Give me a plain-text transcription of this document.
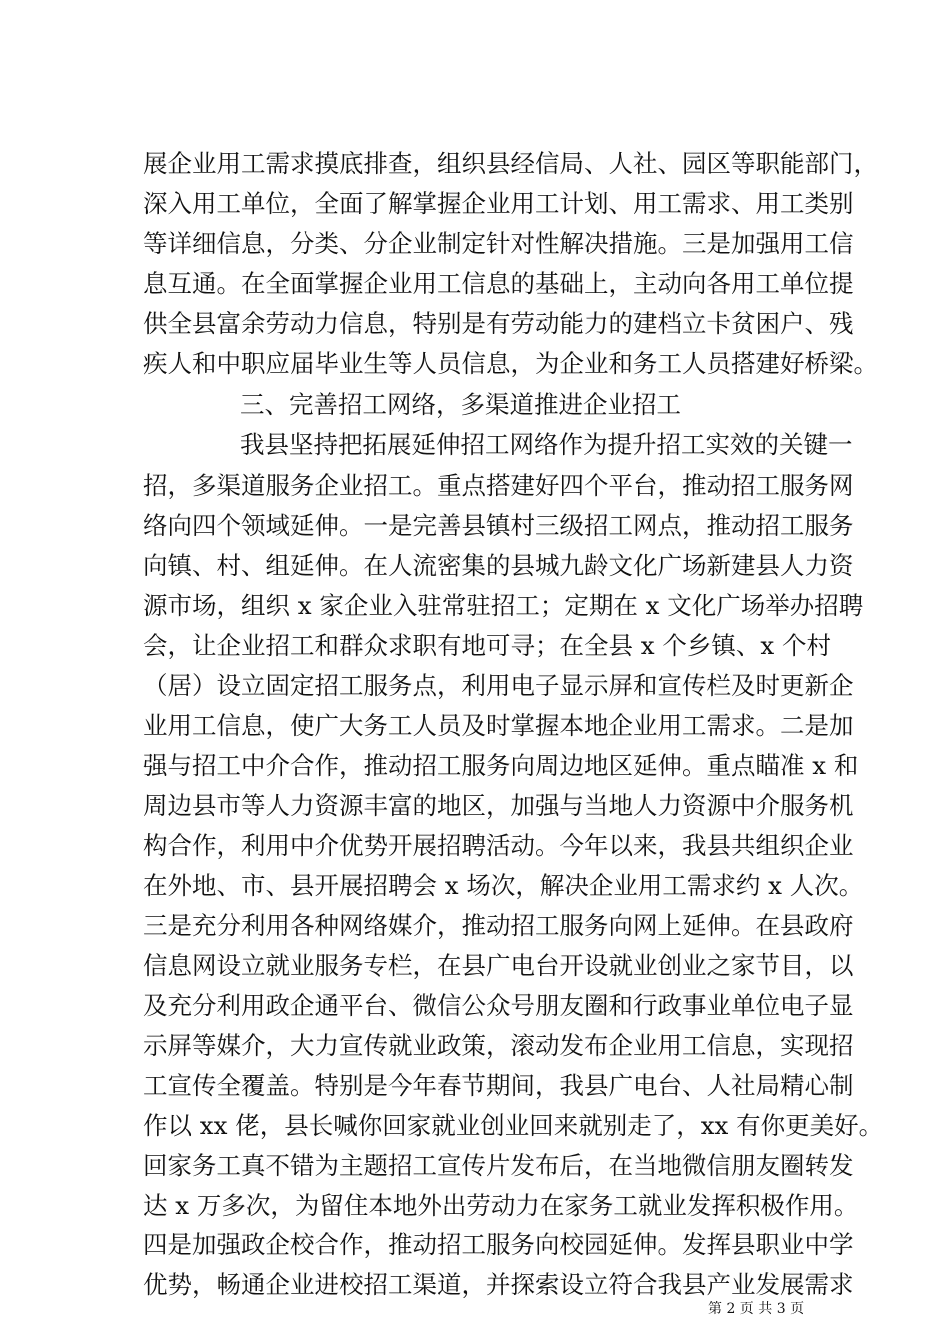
展企业用工需求摸底排查，组织县经信局、人社、园区等职能部门，
深入用工单位，全面了解掌握企业用工计划、用工需求、用工类别
等详细信息，分类、分企业制定针对性解决措施。三是加强用工信
息互通。在全面掌握企业用工信息的基础上，主动向各用工单位提
供全县富余劳动力信息，特别是有劳动能力的建档立卡贫困户、残
疾人和中职应届毕业生等人员信息，为企业和务工人员搭建好桥梁。
三、完善招工网络，多渠道推进企业招工
我县坚持把拓展延伸招工网络作为提升招工实效的关键一
招，多渠道服务企业招工。重点搭建好四个平台，推动招工服务网
络向四个领域延伸。一是完善县镇村三级招工网点，推动招工服务
向镇、村、组延伸。在人流密集的县城九龄文化广场新建县人力资
源市场，组织 x 家企业入驻常驻招工；定期在 x 文化广场举办招聘
会，让企业招工和群众求职有地可寻；在全县 x 个乡镇、x 个村
（居）设立固定招工服务点，利用电子显示屏和宣传栏及时更新企
业用工信息，使广大务工人员及时掌握本地企业用工需求。二是加
强与招工中介合作，推动招工服务向周边地区延伸。重点瞄准 x 和
周边县市等人力资源丰富的地区，加强与当地人力资源中介服务机
构合作，利用中介优势开展招聘活动。今年以来，我县共组织企业
在外地、市、县开展招聘会 x 场次，解决企业用工需求约 x 人次。
三是充分利用各种网络媒介，推动招工服务向网上延伸。在县政府
信息网设立就业服务专栏，在县广电台开设就业创业之家节目，以
及充分利用政企通平台、微信公众号朋友圈和行政事业单位电子显
示屏等媒介，大力宣传就业政策，滚动发布企业用工信息，实现招
工宣传全覆盖。特别是今年春节期间，我县广电台、人社局精心制
作以 xx 佬，县长喊你回家就业创业回来就别走了，xx 有你更美好。
回家务工真不错为主题招工宣传片发布后，在当地微信朋友圈转发
达 x 万多次，为留住本地外出劳动力在家务工就业发挥积极作用。
四是加强政企校合作，推动招工服务向校园延伸。发挥县职业中学
优势，畅通企业进校招工渠道，并探索设立符合我县产业发展需求
第 2 页 共 3 页
